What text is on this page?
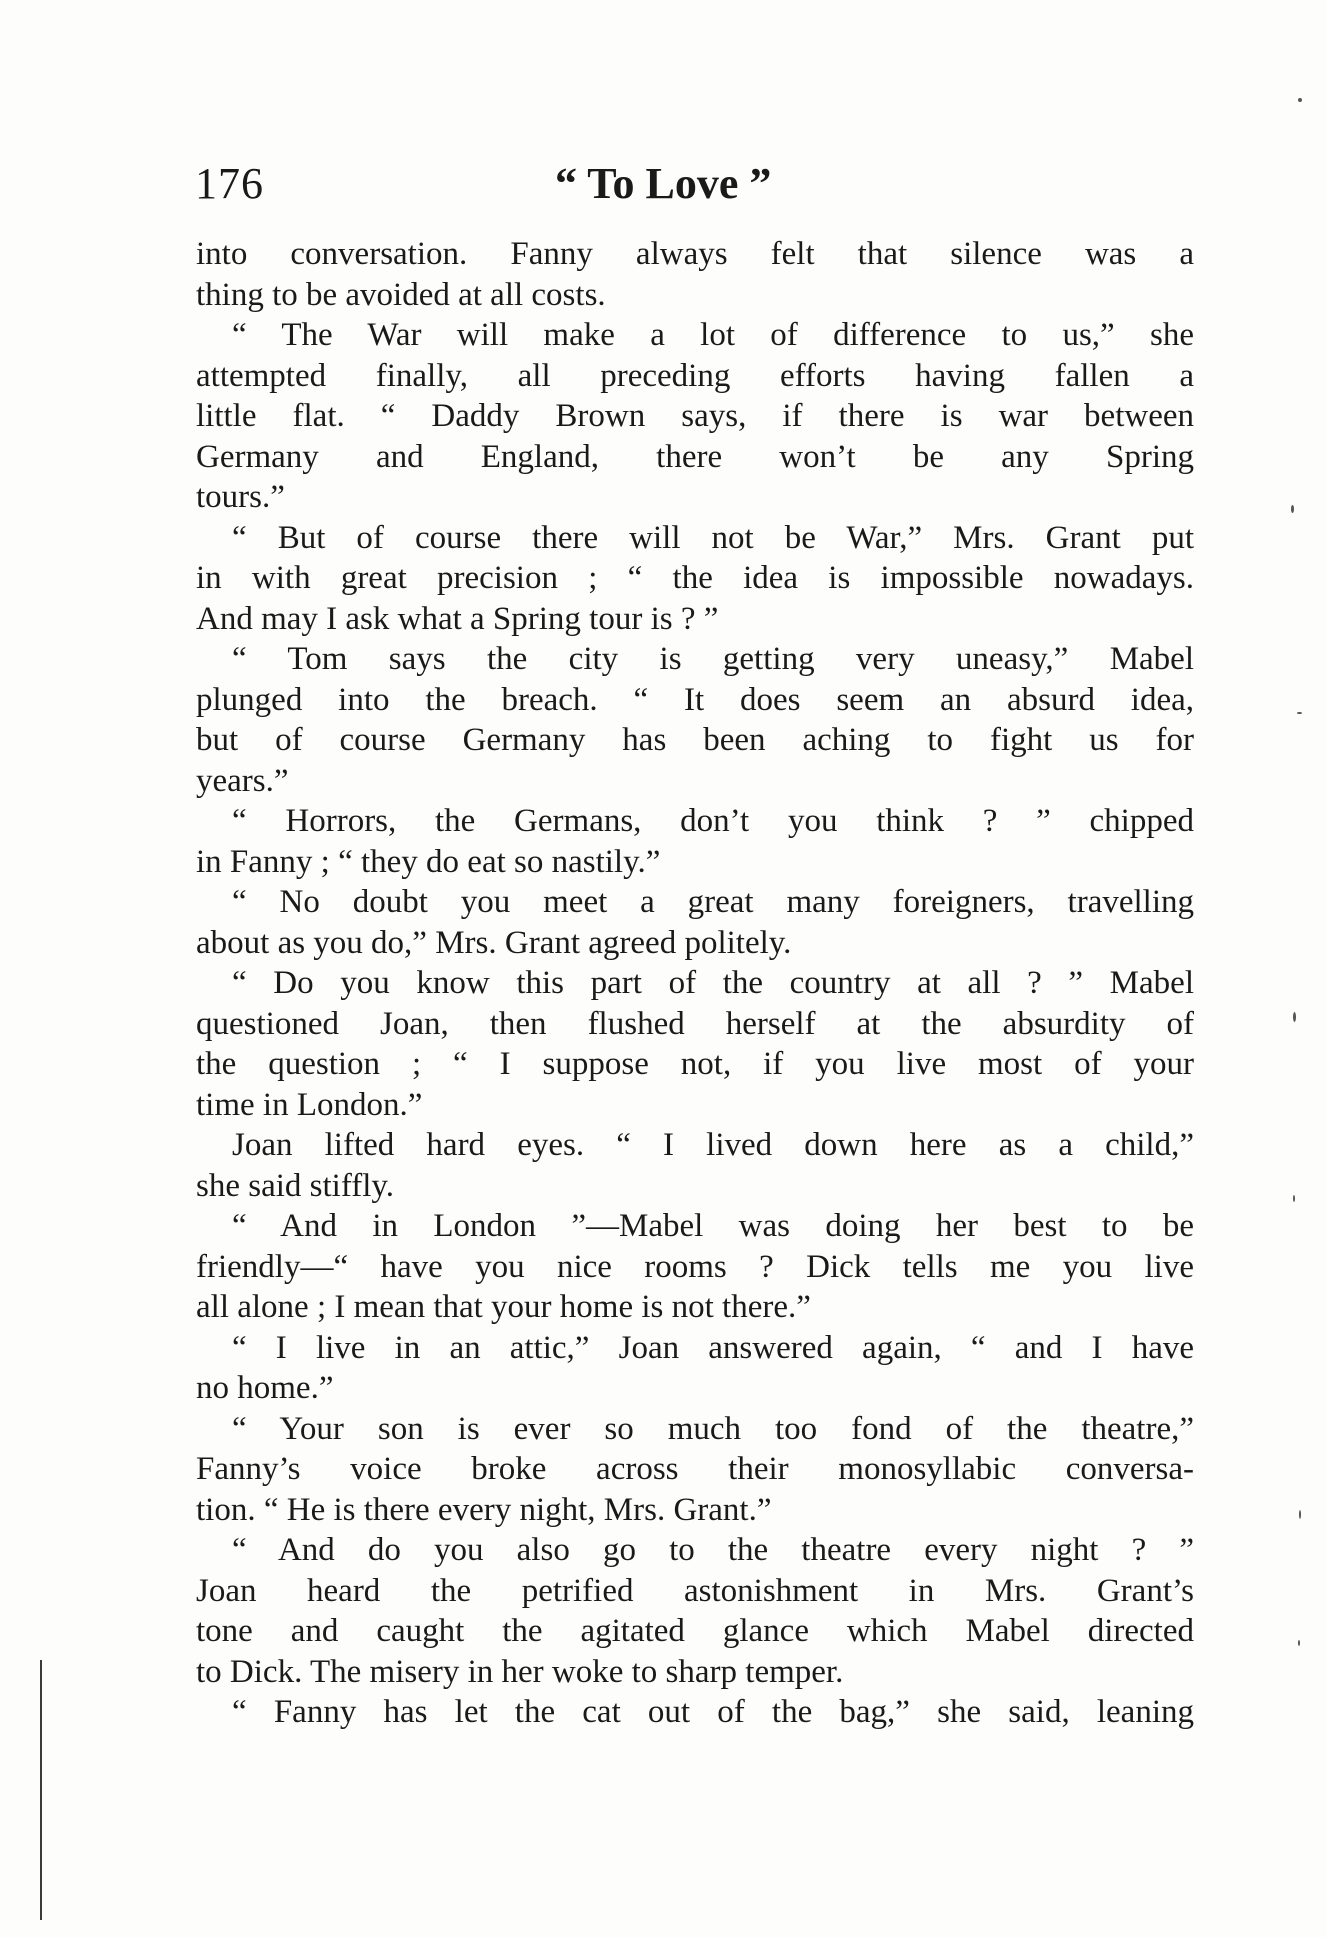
176	“ To Love ”
into conversation. Fanny always felt that silence was a
thing to be avoided at all costs.
“ The War will make a lot of difference to us,” she
attempted finally, all preceding efforts having fallen a
little flat. “ Daddy Brown says, if there is war between
Germany and England, there won’t be any Spring
tours.”
“ But of course there will not be War,” Mrs. Grant put
in with great precision ; “ the idea is impossible nowadays.
And may I ask what a Spring tour is ? ”
“ Tom says the city is getting very uneasy,” Mabel
plunged into the breach. “ It does seem an absurd idea,
but of course Germany has been aching to fight us for
years.”
“ Horrors, the Germans, don’t you think ? ” chipped
in Fanny ; “ they do eat so nastily.”
“ No doubt you meet a great many foreigners, travelling
about as you do,” Mrs. Grant agreed politely.
“ Do you know this part of the country at all ? ” Mabel
questioned Joan, then flushed herself at the absurdity of
the question ; “ I suppose not, if you live most of your
time in London.”
Joan lifted hard eyes. “ I lived down here as a child,”
she said stiffly.
“ And in London ”—Mabel was doing her best to be
friendly—“ have you nice rooms ? Dick tells me you live
all alone ; I mean that your home is not there.”
“ I live in an attic,” Joan answered again, “ and I have
no home.”
“ Your son is ever so much too fond of the theatre,”
Fanny’s voice broke across their monosyllabic conversa-
tion. “ He is there every night, Mrs. Grant.”
“ And do you also go to the theatre every night ? ”
Joan heard the petrified astonishment in Mrs. Grant’s
tone and caught the agitated glance which Mabel directed
to Dick. The misery in her woke to sharp temper.
“ Fanny has let the cat out of the bag,” she said, leaning
